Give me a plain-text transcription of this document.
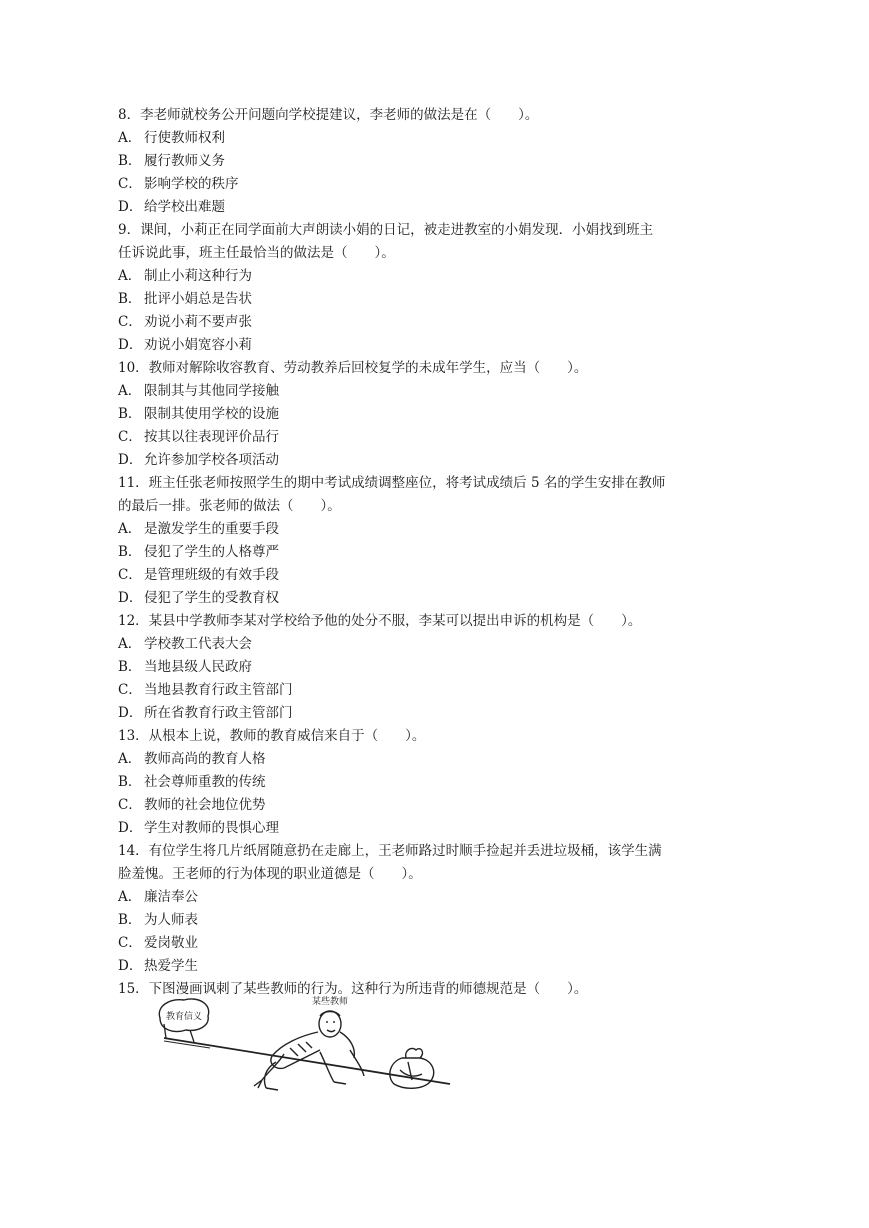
8．李老师就校务公开问题向学校提建议，李老师的做法是在（　　）。
A． 行使教师权利
B． 履行教师义务
C． 影响学校的秩序
D． 给学校出难题
9．课间，小莉正在同学面前大声朗读小娟的日记，被走进教室的小娟发现．小娟找到班主
任诉说此事，班主任最恰当的做法是（　　）。
A． 制止小莉这种行为
B． 批评小娟总是告状
C． 劝说小莉不要声张
D． 劝说小娟宽容小莉
10．教师对解除收容教育、劳动教养后回校复学的未成年学生，应当（　　）。
A． 限制其与其他同学接触
B． 限制其使用学校的设施
C． 按其以往表现评价品行
D． 允许参加学校各项活动
11．班主任张老师按照学生的期中考试成绩调整座位，将考试成绩后 5 名的学生安排在教师
的最后一排。张老师的做法（　　）。
A． 是激发学生的重要手段
B． 侵犯了学生的人格尊严
C． 是管理班级的有效手段
D． 侵犯了学生的受教育权
12．某县中学教师李某对学校给予他的处分不服，李某可以提出申诉的机构是（　　）。
A． 学校教工代表大会
B． 当地县级人民政府
C． 当地县教育行政主管部门
D． 所在省教育行政主管部门
13．从根本上说，教师的教育威信来自于（　　）。
A． 教师高尚的教育人格
B． 社会尊师重教的传统
C． 教师的社会地位优势
D． 学生对教师的畏惧心理
14．有位学生将几片纸屑随意扔在走廊上，王老师路过时顺手捡起并丢进垃圾桶，该学生满
脸羞愧。王老师的行为体现的职业道德是（　　）。
A． 廉洁奉公
B． 为人师表
C． 爱岗敬业
D． 热爱学生
15．下图漫画讽刺了某些教师的行为。这种行为所违背的师德规范是（　　）。
教育信义
某些教师
